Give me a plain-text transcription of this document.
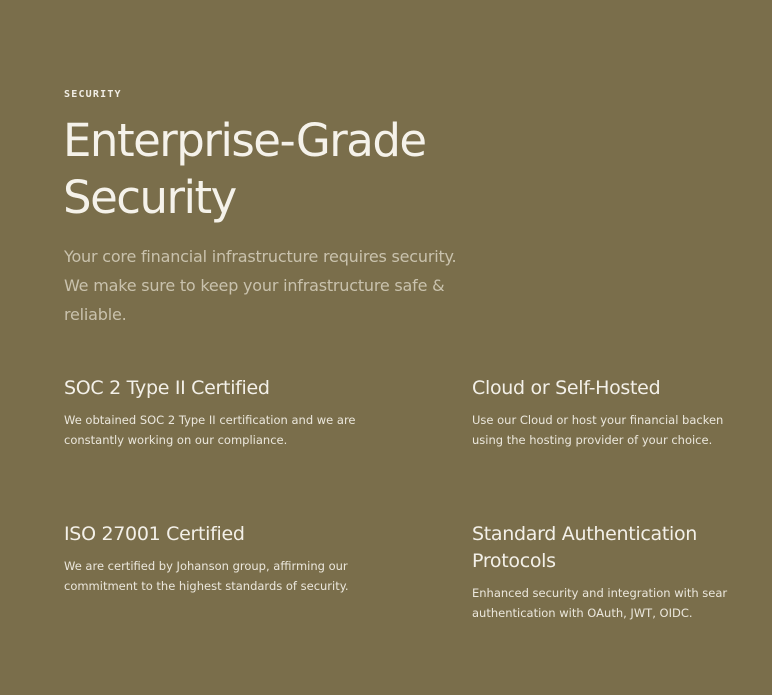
SECURITY
Enterprise-Grade Security

Your core financial infrastructure requires security. We make sure to keep your infrastructure safe & reliable.

SOC 2 Type II Certified

We obtained SOC 2 Type II certification and we are constantly working on our compliance.

Cloud or Self-Hosted

Use our Cloud or host your financial backen
using the hosting provider of your choice.

ISO 27001 Certified

We are certified by Johanson group, affirming our commitment to the highest standards of security.

Standard Authentication Protocols

Enhanced security and integration with sear
authentication with OAuth, JWT, OIDC.
